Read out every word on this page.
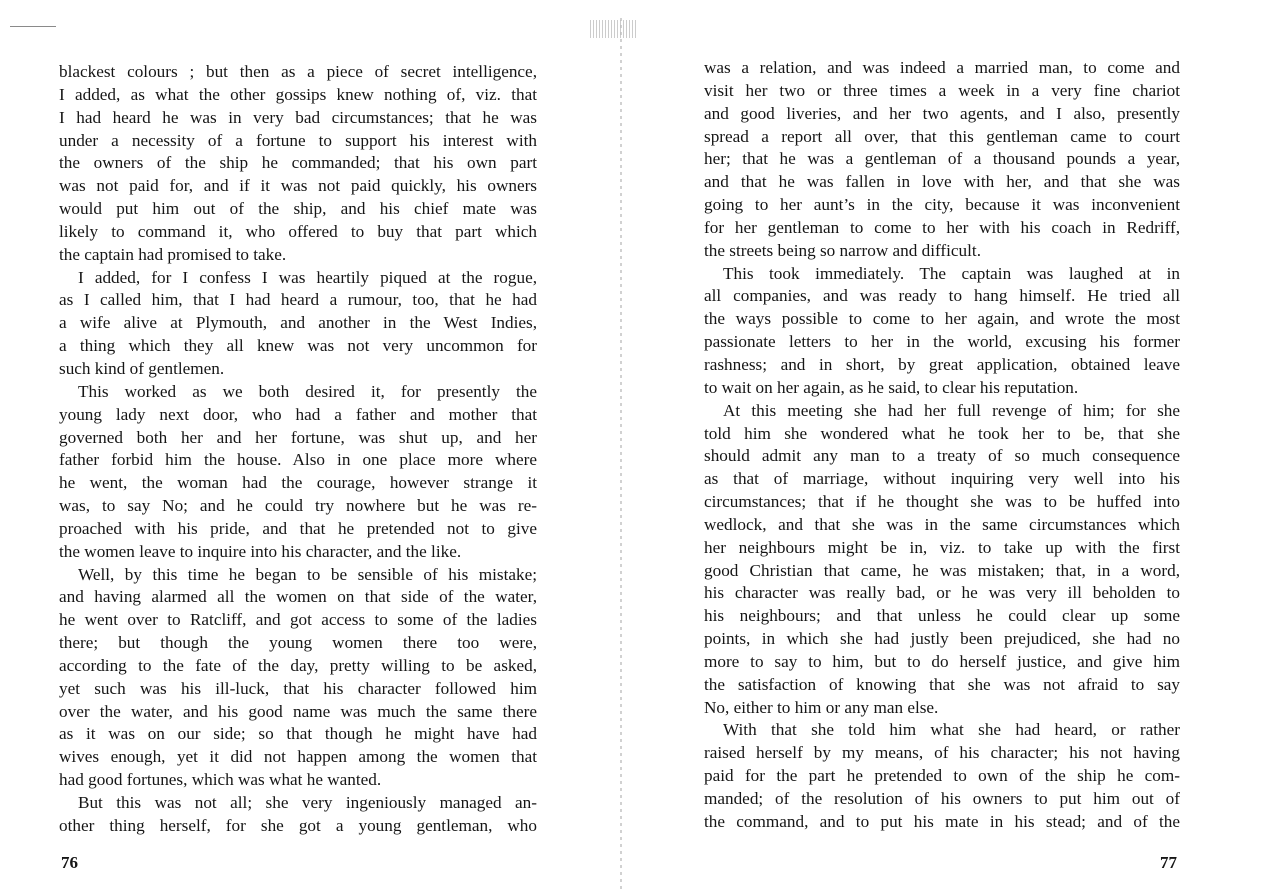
blackest colours ; but then as a piece of secret intelligence,
I added, as what the other gossips knew nothing of, viz. that
I had heard he was in very bad circumstances; that he was
under a necessity of a fortune to support his interest with
the owners of the ship he commanded; that his own part
was not paid for, and if it was not paid quickly, his owners
would put him out of the ship, and his chief mate was
likely to command it, who offered to buy that part which
the captain had promised to take.
I added, for I confess I was heartily piqued at the rogue,
as I called him, that I had heard a rumour, too, that he had
a wife alive at Plymouth, and another in the West Indies,
a thing which they all knew was not very uncommon for
such kind of gentlemen.
This worked as we both desired it, for presently the
young lady next door, who had a father and mother that
governed both her and her fortune, was shut up, and her
father forbid him the house. Also in one place more where
he went, the woman had the courage, however strange it
was, to say No; and he could try nowhere but he was re-
proached with his pride, and that he pretended not to give
the women leave to inquire into his character, and the like.
Well, by this time he began to be sensible of his mistake;
and having alarmed all the women on that side of the water,
he went over to Ratcliff, and got access to some of the ladies
there; but though the young women there too were,
according to the fate of the day, pretty willing to be asked,
yet such was his ill-luck, that his character followed him
over the water, and his good name was much the same there
as it was on our side; so that though he might have had
wives enough, yet it did not happen among the women that
had good fortunes, which was what he wanted.
But this was not all; she very ingeniously managed an-
other thing herself, for she got a young gentleman, who
76
was a relation, and was indeed a married man, to come and
visit her two or three times a week in a very fine chariot
and good liveries, and her two agents, and I also, presently
spread a report all over, that this gentleman came to court
her; that he was a gentleman of a thousand pounds a year,
and that he was fallen in love with her, and that she was
going to her aunt’s in the city, because it was inconvenient
for her gentleman to come to her with his coach in Redriff,
the streets being so narrow and difficult.
This took immediately. The captain was laughed at in
all companies, and was ready to hang himself. He tried all
the ways possible to come to her again, and wrote the most
passionate letters to her in the world, excusing his former
rashness; and in short, by great application, obtained leave
to wait on her again, as he said, to clear his reputation.
At this meeting she had her full revenge of him; for she
told him she wondered what he took her to be, that she
should admit any man to a treaty of so much consequence
as that of marriage, without inquiring very well into his
circumstances; that if he thought she was to be huffed into
wedlock, and that she was in the same circumstances which
her neighbours might be in, viz. to take up with the first
good Christian that came, he was mistaken; that, in a word,
his character was really bad, or he was very ill beholden to
his neighbours; and that unless he could clear up some
points, in which she had justly been prejudiced, she had no
more to say to him, but to do herself justice, and give him
the satisfaction of knowing that she was not afraid to say
No, either to him or any man else.
With that she told him what she had heard, or rather
raised herself by my means, of his character; his not having
paid for the part he pretended to own of the ship he com-
manded; of the resolution of his owners to put him out of
the command, and to put his mate in his stead; and of the
77
